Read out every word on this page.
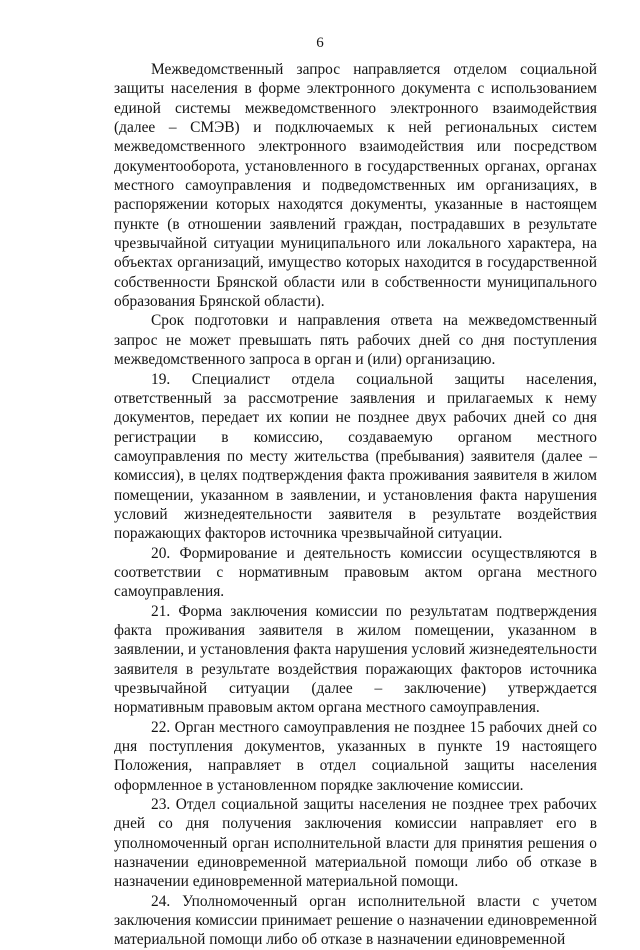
6

Межведомственный запрос направляется отделом социальной защиты населения в форме электронного документа с использованием единой системы межведомственного электронного взаимодействия (далее – СМЭВ) и подключаемых к ней региональных систем межведомственного электронного взаимодействия или посредством документооборота, установленного в государственных органах, органах местного самоуправления и подведомственных им организациях, в распоряжении которых находятся документы, указанные в настоящем пункте (в отношении заявлений граждан, пострадавших в результате чрезвычайной ситуации муниципального или локального характера, на объектах организаций, имущество которых находится в государственной собственности Брянской области или в собственности муниципального образования Брянской области).

Срок подготовки и направления ответа на межведомственный запрос не может превышать пять рабочих дней со дня поступления межведомственного запроса в орган и (или) организацию.

19. Специалист отдела социальной защиты населения, ответственный за рассмотрение заявления и прилагаемых к нему документов, передает их копии не позднее двух рабочих дней со дня регистрации в комиссию, создаваемую органом местного самоуправления по месту жительства (пребывания) заявителя (далее – комиссия), в целях подтверждения факта проживания заявителя в жилом помещении, указанном в заявлении, и установления факта нарушения условий жизнедеятельности заявителя в результате воздействия поражающих факторов источника чрезвычайной ситуации.

20. Формирование и деятельность комиссии осуществляются в соответствии с нормативным правовым актом органа местного самоуправления.

21. Форма заключения комиссии по результатам подтверждения факта проживания заявителя в жилом помещении, указанном в заявлении, и установления факта нарушения условий жизнедеятельности заявителя в результате воздействия поражающих факторов источника чрезвычайной ситуации (далее – заключение) утверждается нормативным правовым актом органа местного самоуправления.

22. Орган местного самоуправления не позднее 15 рабочих дней со дня поступления документов, указанных в пункте 19 настоящего Положения, направляет в отдел социальной защиты населения оформленное в установленном порядке заключение комиссии.

23. Отдел социальной защиты населения не позднее трех рабочих дней со дня получения заключения комиссии направляет его в уполномоченный орган исполнительной власти для принятия решения о назначении единовременной материальной помощи либо об отказе в назначении единовременной материальной помощи.

24. Уполномоченный орган исполнительной власти с учетом заключения комиссии принимает решение о назначении единовременной материальной помощи либо об отказе в назначении единовременной
